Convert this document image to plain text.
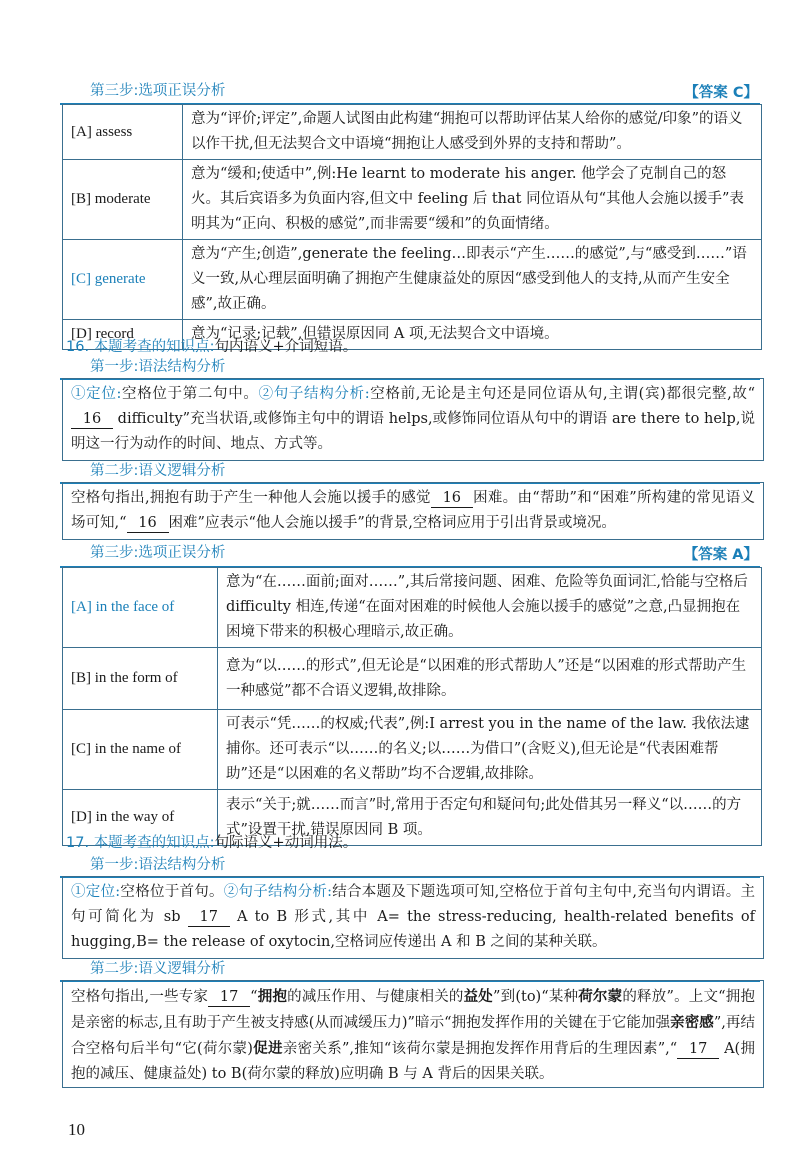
第三步:选项正误分析	【答案 C】
[A] assess	意为“评价;评定”,命题人试图由此构建“拥抱可以帮助评估某人给你的感觉/印象”的语义以作干扰,但无法契合文中语境“拥抱让人感受到外界的支持和帮助”。
[B] moderate	意为“缓和;使适中”,例:He learnt to moderate his anger. 他学会了克制自己的怒火。其后宾语多为负面内容,但文中 feeling 后 that 同位语从句“其他人会施以援手”表明其为“正向、积极的感觉”,而非需要“缓和”的负面情绪。
[C] generate	意为“产生;创造”,generate the feeling…即表示“产生……的感觉”,与“感受到……”语义一致,从心理层面明确了拥抱产生健康益处的原因“感受到他人的支持,从而产生安全感”,故正确。
[D] record	意为“记录;记载”,但错误原因同 A 项,无法契合文中语境。
16. 本题考查的知识点:句内语义+介词短语。
第一步:语法结构分析
①定位:空格位于第二句中。②句子结构分析:空格前,无论是主句还是同位语从句,主谓(宾)都很完整,故“16 difficulty”充当状语,或修饰主句中的谓语 helps,或修饰同位语从句中的谓语 are there to help,说明这一行为动作的时间、地点、方式等。
第二步:语义逻辑分析
空格句指出,拥抱有助于产生一种他人会施以援手的感觉 16 困难。由“帮助”和“困难”所构建的常见语义场可知,“ 16 困难”应表示“他人会施以援手”的背景,空格词应用于引出背景或境况。
第三步:选项正误分析	【答案 A】
[A] in the face of	意为“在……面前;面对……”,其后常接问题、困难、危险等负面词汇,恰能与空格后 difficulty 相连,传递“在面对困难的时候他人会施以援手的感觉”之意,凸显拥抱在困境下带来的积极心理暗示,故正确。
[B] in the form of	意为“以……的形式”,但无论是“以困难的形式帮助人”还是“以困难的形式帮助产生一种感觉”都不合语义逻辑,故排除。
[C] in the name of	可表示“凭……的权威;代表”,例:I arrest you in the name of the law. 我依法逮捕你。还可表示“以……的名义;以……为借口”(含贬义),但无论是“代表困难帮助”还是“以困难的名义帮助”均不合逻辑,故排除。
[D] in the way of	表示“关于;就……而言”时,常用于否定句和疑问句;此处借其另一释义“以……的方式”设置干扰,错误原因同 B 项。
17. 本题考查的知识点:句际语义+动词用法。
第一步:语法结构分析
①定位:空格位于首句。②句子结构分析:结合本题及下题选项可知,空格位于首句主句中,充当句内谓语。主句可简化为 sb 17 A to B 形式,其中 A= the stress-reducing, health-related benefits of hugging,B= the release of oxytocin,空格词应传递出 A 和 B 之间的某种关联。
第二步:语义逻辑分析
空格句指出,一些专家 17 “拥抱的减压作用、与健康相关的益处”到(to)“某种荷尔蒙的释放”。上文“拥抱是亲密的标志,且有助于产生被支持感(从而减缓压力)”暗示“拥抱发挥作用的关键在于它能加强亲密感”,再结合空格句后半句“它(荷尔蒙)促进亲密关系”,推知“该荷尔蒙是拥抱发挥作用背后的生理因素”,“ 17 A(拥抱的减压、健康益处) to B(荷尔蒙的释放)应明确 B 与 A 背后的因果关联。
10
